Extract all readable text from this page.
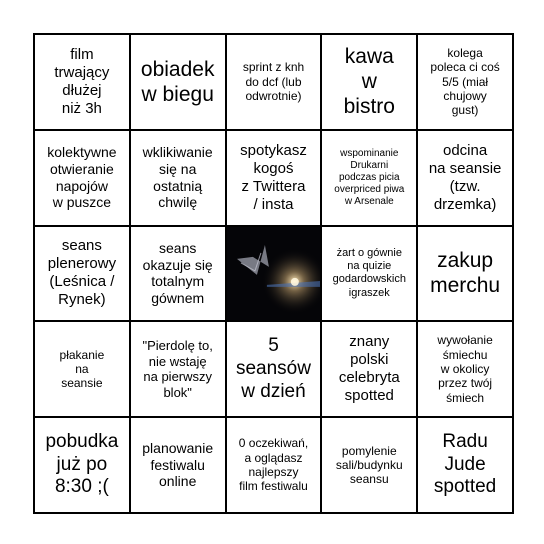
film
trwający
dłużej
niż 3h
obiadek
w biegu
sprint z knh
do dcf (lub
odwrotnie)
kawa
w
bistro
kolega
poleca ci coś
5/5 (miał
chujowy
gust)
kolektywne
otwieranie
napojów
w puszce
wklikiwanie
się na
ostatnią
chwilę
spotykasz
kogoś
z Twittera
/ insta
wspominanie
Drukarni
podczas picia
overpriced piwa
w Arsenale
odcina
na seansie
(tzw.
drzemka)
seans
plenerowy
(Leśnica /
Rynek)
seans
okazuje się
totalnym
gównem
żart o gównie
na quizie
godardowskich
igraszek
zakup
merchu
płakanie
na
seansie
"Pierdolę to,
nie wstaję
na pierwszy
blok"
5
seansów
w dzień
znany
polski
celebryta
spotted
wywołanie
śmiechu
w okolicy
przez twój
śmiech
pobudka
już po
8:30 ;(
planowanie
festiwalu
online
0 oczekiwań,
a oglądasz
najlepszy
film festiwalu
pomylenie
sali/budynku
seansu
Radu
Jude
spotted
